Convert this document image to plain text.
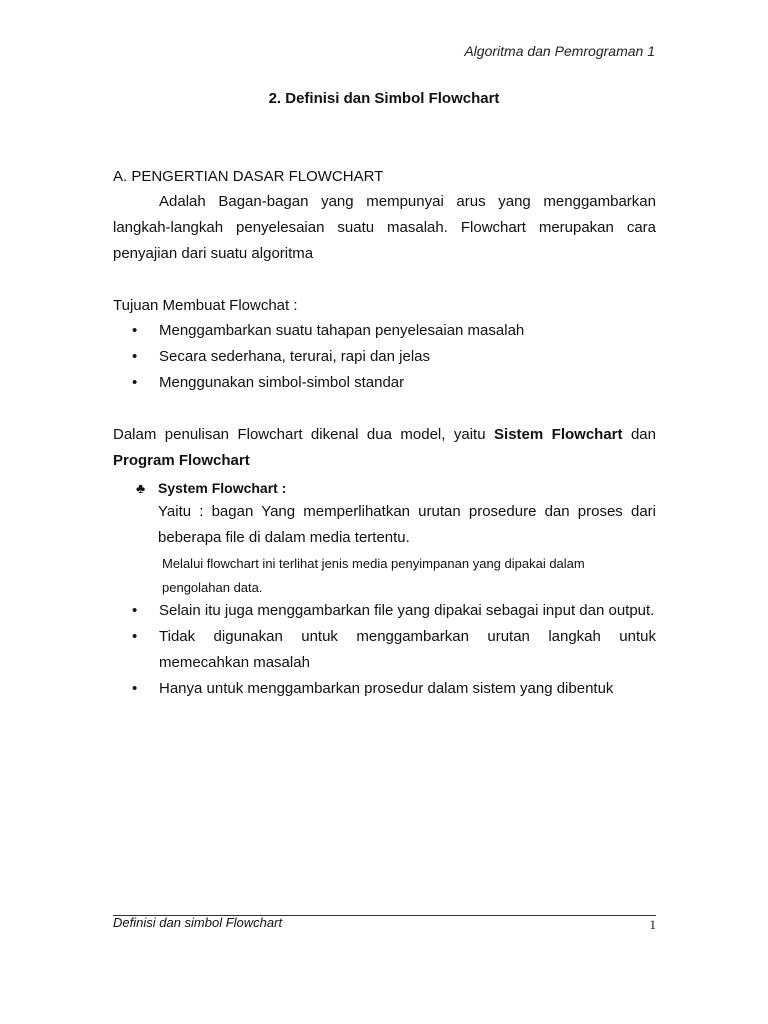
Algoritma dan Pemrograman 1
2. Definisi dan Simbol Flowchart
A. PENGERTIAN DASAR FLOWCHART
Adalah Bagan-bagan yang mempunyai arus yang menggambarkan langkah-langkah penyelesaian suatu masalah. Flowchart merupakan cara penyajian dari suatu algoritma
Tujuan Membuat Flowchat :
• Menggambarkan suatu tahapan penyelesaian masalah
• Secara sederhana, terurai, rapi dan jelas
• Menggunakan simbol-simbol standar
Dalam penulisan Flowchart dikenal dua model, yaitu Sistem Flowchart dan Program Flowchart
♣ System Flowchart :
Yaitu : bagan Yang memperlihatkan urutan prosedure dan proses dari beberapa file di dalam media tertentu.
Melalui flowchart ini terlihat jenis media penyimpanan yang dipakai dalam pengolahan data.
• Selain itu juga menggambarkan file yang dipakai sebagai input dan output.
• Tidak digunakan untuk menggambarkan urutan langkah untuk memecahkan masalah
• Hanya untuk menggambarkan prosedur dalam sistem yang dibentuk
Definisi dan simbol Flowchart	1
